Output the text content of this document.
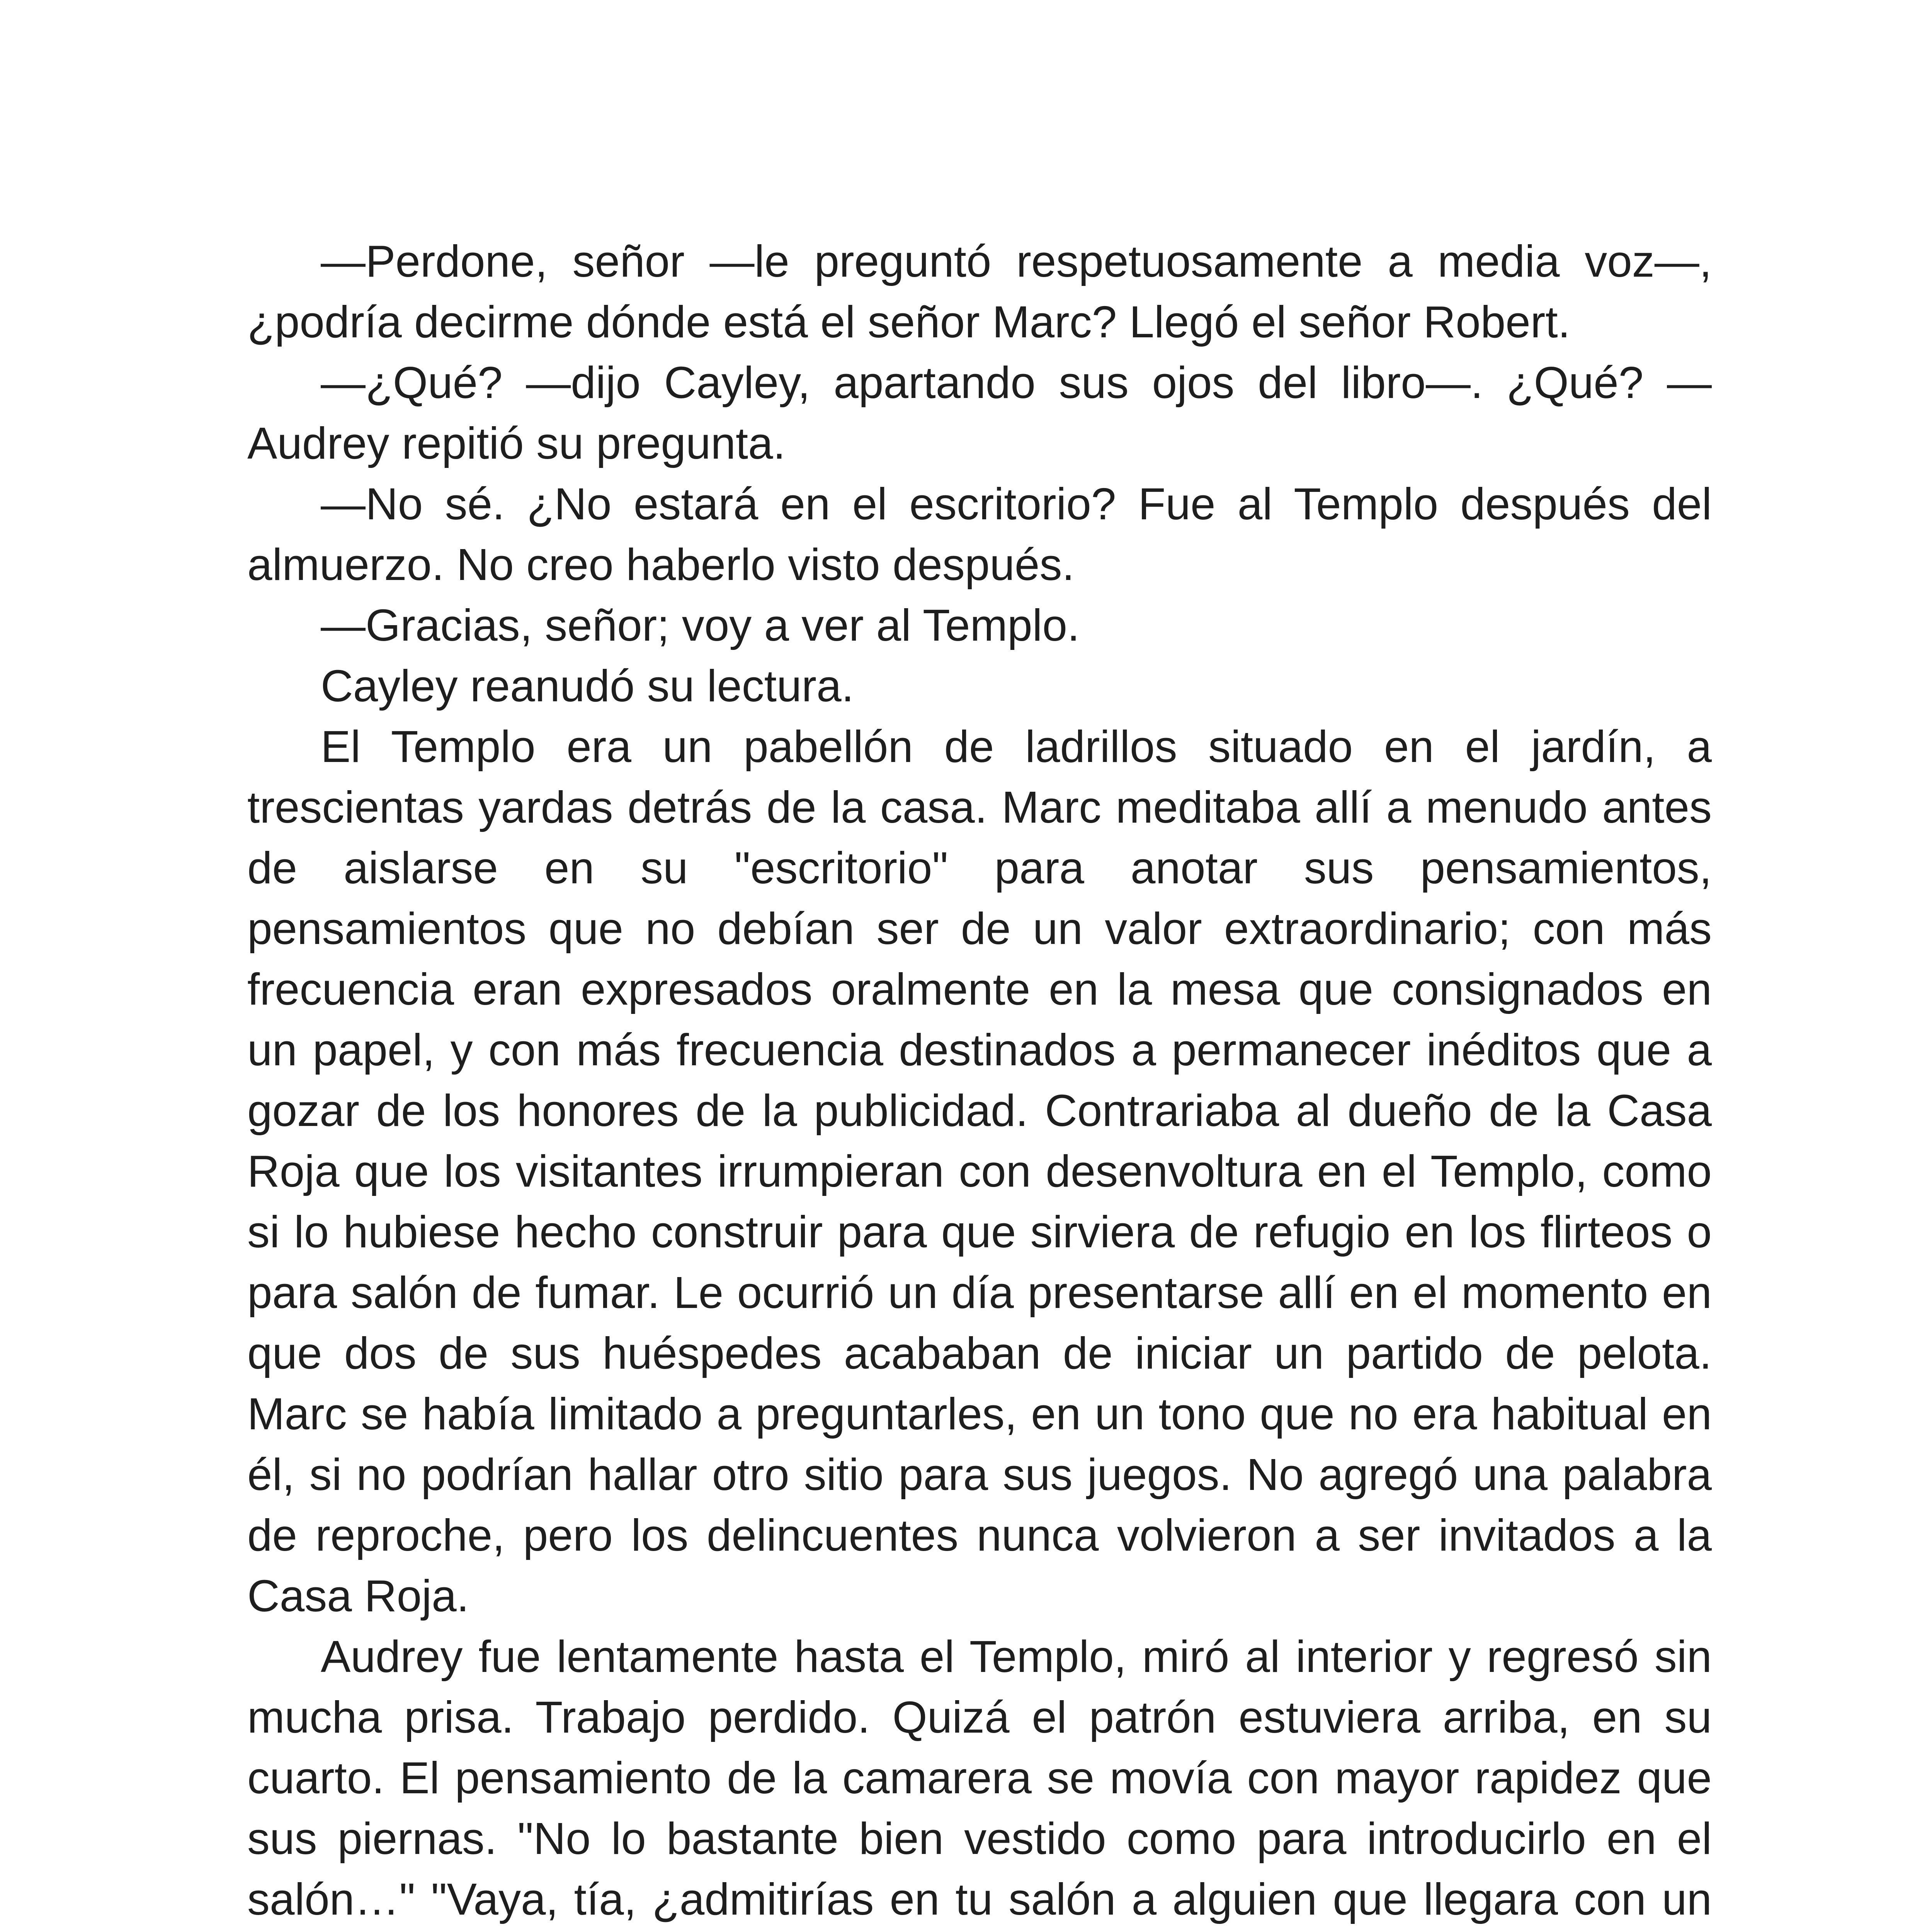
—Perdone, señor —le preguntó respetuosamente a media voz—, ¿podría decirme dónde está el señor Marc? Llegó el señor Robert.

—¿Qué? —dijo Cayley, apartando sus ojos del libro—. ¿Qué? —Audrey repitió su pregunta.

—No sé. ¿No estará en el escritorio? Fue al Templo después del almuerzo. No creo haberlo visto después.

—Gracias, señor; voy a ver al Templo.

Cayley reanudó su lectura.

El Templo era un pabellón de ladrillos situado en el jardín, a trescientas yardas detrás de la casa. Marc meditaba allí a menudo antes de aislarse en su "escritorio" para anotar sus pensamientos, pensamientos que no debían ser de un valor extraordinario; con más frecuencia eran expresados oralmente en la mesa que consignados en un papel, y con más frecuencia destinados a permanecer inéditos que a gozar de los honores de la publicidad. Contrariaba al dueño de la Casa Roja que los visitantes irrumpieran con desenvoltura en el Templo, como si lo hubiese hecho construir para que sirviera de refugio en los flirteos o para salón de fumar. Le ocurrió un día presentarse allí en el momento en que dos de sus huéspedes acababan de iniciar un partido de pelota. Marc se había limitado a preguntarles, en un tono que no era habitual en él, si no podrían hallar otro sitio para sus juegos. No agregó una palabra de reproche, pero los delincuentes nunca volvieron a ser invitados a la Casa Roja.

Audrey fue lentamente hasta el Templo, miró al interior y regresó sin mucha prisa. Trabajo perdido. Quizá el patrón estuviera arriba, en su cuarto. El pensamiento de la camarera se movía con mayor rapidez que sus piernas. "No lo bastante bien vestido como para introducirlo en el salón…" "Vaya, tía, ¿admitirías en tu salón a alguien que llegara con un
